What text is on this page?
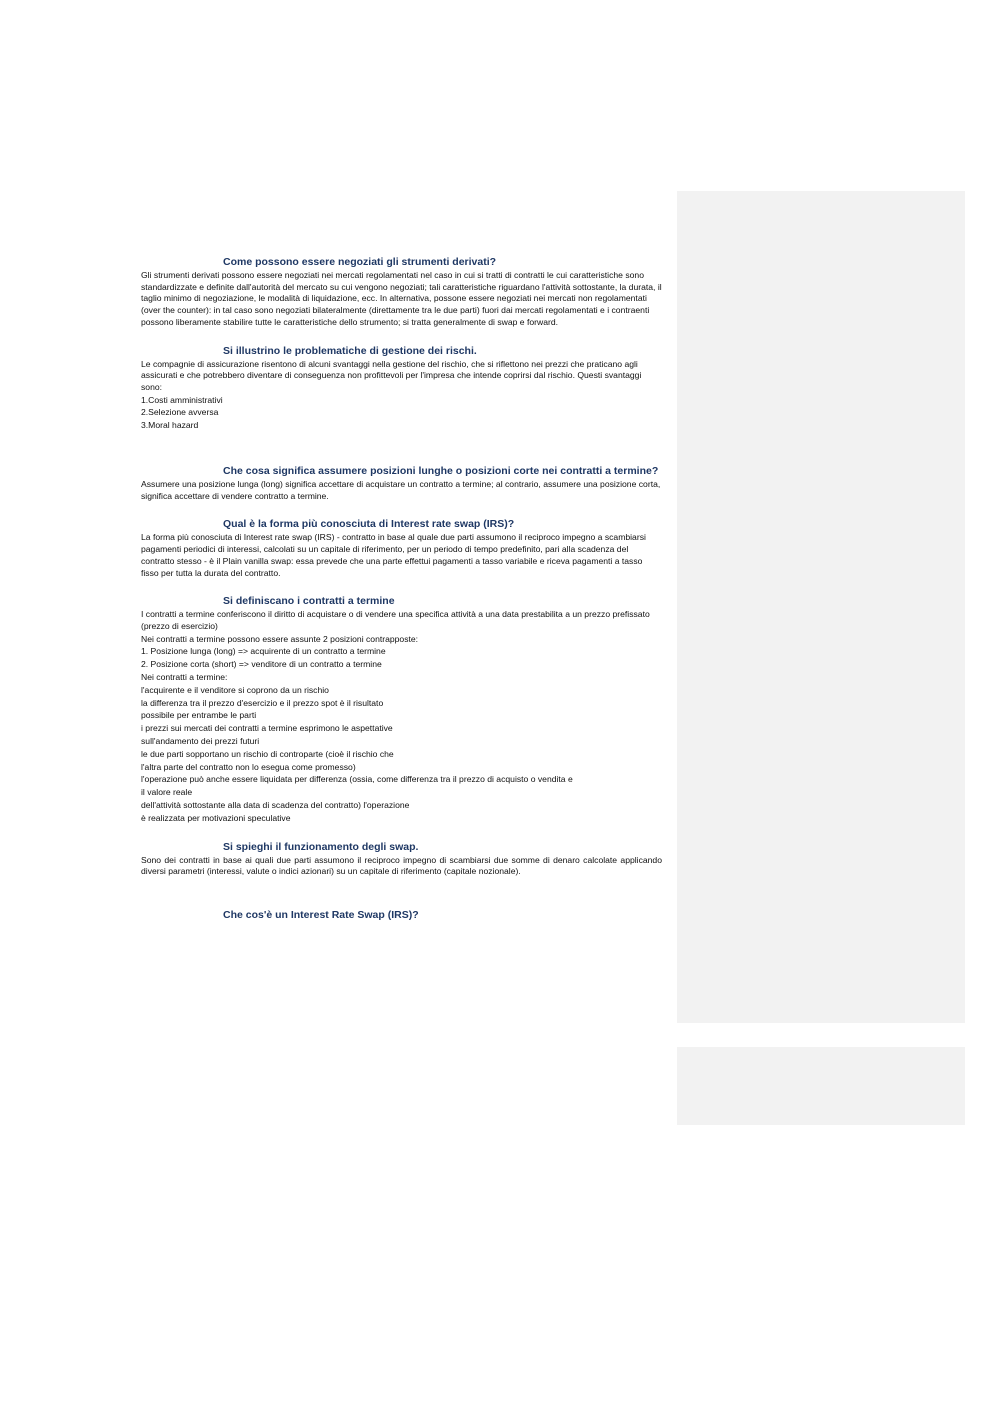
Come possono essere negoziati gli strumenti derivati?

Gli strumenti derivati possono essere negoziati nei mercati regolamentati nel caso in cui si tratti di contratti le cui caratteristiche sono standardizzate e definite dall'autorità del mercato su cui vengono negoziati; tali caratteristiche riguardano l'attività sottostante, la durata, il taglio minimo di negoziazione, le modalità di liquidazione, ecc. In alternativa, possone essere negoziati nei mercati non regolamentati (over the counter): in tal caso sono negoziati bilateralmente (direttamente tra le due parti) fuori dai mercati regolamentati e i contraenti possono liberamente stabilire tutte le caratteristiche dello strumento; si tratta generalmente di swap e forward.

Si illustrino le problematiche di gestione dei rischi.

Le compagnie di assicurazione risentono di alcuni svantaggi nella gestione del rischio, che si riflettono nei prezzi che praticano agli assicurati e che potrebbero diventare di conseguenza non profittevoli per l'impresa che intende coprirsi dal rischio. Questi svantaggi sono:

1.Costi amministrativi
2.Selezione avversa
3.Moral hazard

Che cosa significa assumere posizioni lunghe o posizioni corte nei contratti a termine?

Assumere una posizione lunga (long) significa accettare di acquistare un contratto a termine; al contrario, assumere una posizione corta, significa accettare di vendere contratto a termine.

Qual è la forma più conosciuta di Interest rate swap (IRS)?

La forma più conosciuta di Interest rate swap (IRS) - contratto in base al quale due parti assumono il reciproco impegno a scambiarsi pagamenti periodici di interessi, calcolati su un capitale di riferimento, per un periodo di tempo predefinito, pari alla scadenza del contratto stesso - è il Plain vanilla swap: essa prevede che una parte effettui pagamenti a tasso variabile e riceva pagamenti a tasso fisso per tutta la durata del contratto.

Si definiscano i contratti a termine

I contratti a termine conferiscono il diritto di acquistare o di vendere una specifica attività a una data prestabilita a un prezzo prefissato (prezzo di esercizio)

Nei contratti a termine possono essere assunte 2 posizioni contrapposte:
1. Posizione lunga (long) => acquirente di un contratto a termine
2. Posizione corta (short) => venditore di un contratto a termine
Nei contratti a termine:
l'acquirente e il venditore si coprono da un rischio
la differenza tra il prezzo d'esercizio e il prezzo spot è il risultato
possibile per entrambe le parti
i prezzi sui mercati dei contratti a termine esprimono le aspettative
sull'andamento dei prezzi futuri
le due parti sopportano un rischio di controparte (cioè il rischio che
l'altra parte del contratto non lo esegua come promesso)
l'operazione può anche essere liquidata per differenza (ossia, come differenza tra il prezzo di acquisto o vendita e
il valore reale
dell'attività sottostante alla data di scadenza del contratto) l'operazione
è realizzata per motivazioni speculative
Si spieghi il funzionamento degli swap.

Sono dei contratti in base ai quali due parti assumono il reciproco impegno di scambiarsi due somme di denaro calcolate applicando diversi parametri (interessi, valute o indici azionari) su un capitale di riferimento (capitale nozionale).

Che cos'è un Interest Rate Swap (IRS)?
